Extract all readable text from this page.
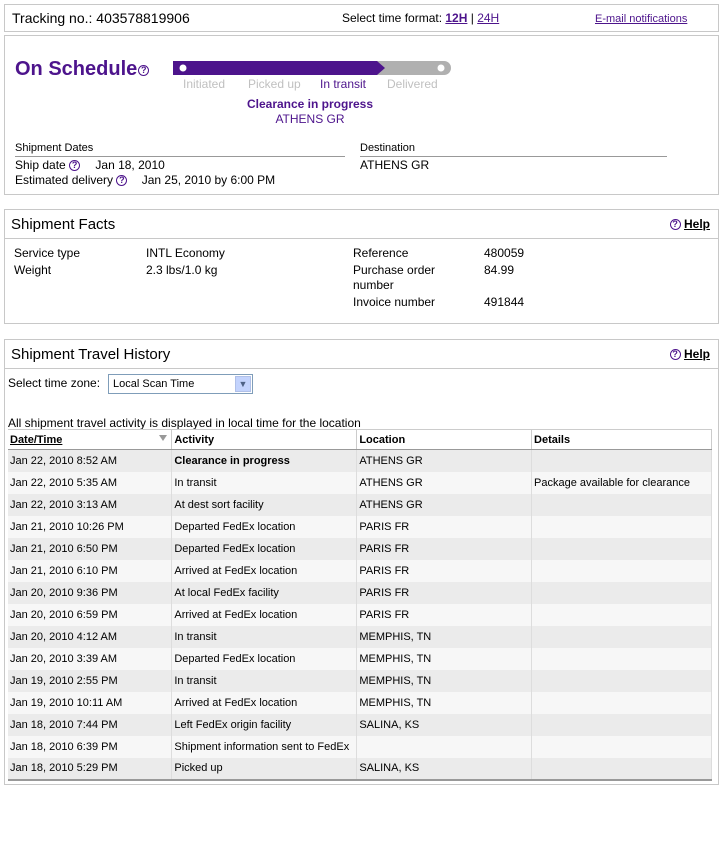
Tracking no.: 403578819906	Select time format: 12H | 24H	E-mail notifications
On Schedule ?
Initiated Picked up In transit Delivered
Clearance in progress
ATHENS GR
Shipment Dates
Ship date ? Jan 18, 2010
Estimated delivery ? Jan 25, 2010 by 6:00 PM
Destination
ATHENS GR
Shipment Facts	? Help
Service type	INTL Economy
Weight	2.3 lbs/1.0 kg
Reference	480059
Purchase order
number
84.99
Invoice number	491844
Shipment Travel History	? Help
Select time zone: Local Scan Time	▼
All shipment travel activity is displayed in local time for the location
Date/Time	Activity	Location	Details
Jan 22, 2010 8:52 AM	Clearance in progress	ATHENS GR	
Jan 22, 2010 5:35 AM	In transit	ATHENS GR	Package available for clearance
Jan 22, 2010 3:13 AM	At dest sort facility	ATHENS GR	
Jan 21, 2010 10:26 PM	Departed FedEx location	PARIS FR	
Jan 21, 2010 6:50 PM	Departed FedEx location	PARIS FR	
Jan 21, 2010 6:10 PM	Arrived at FedEx location	PARIS FR	
Jan 20, 2010 9:36 PM	At local FedEx facility	PARIS FR	
Jan 20, 2010 6:59 PM	Arrived at FedEx location	PARIS FR	
Jan 20, 2010 4:12 AM	In transit	MEMPHIS, TN	
Jan 20, 2010 3:39 AM	Departed FedEx location	MEMPHIS, TN	
Jan 19, 2010 2:55 PM	In transit	MEMPHIS, TN	
Jan 19, 2010 10:11 AM	Arrived at FedEx location	MEMPHIS, TN	
Jan 18, 2010 7:44 PM	Left FedEx origin facility	SALINA, KS	
Jan 18, 2010 6:39 PM	Shipment information sent to FedEx		
Jan 18, 2010 5:29 PM	Picked up	SALINA, KS	
